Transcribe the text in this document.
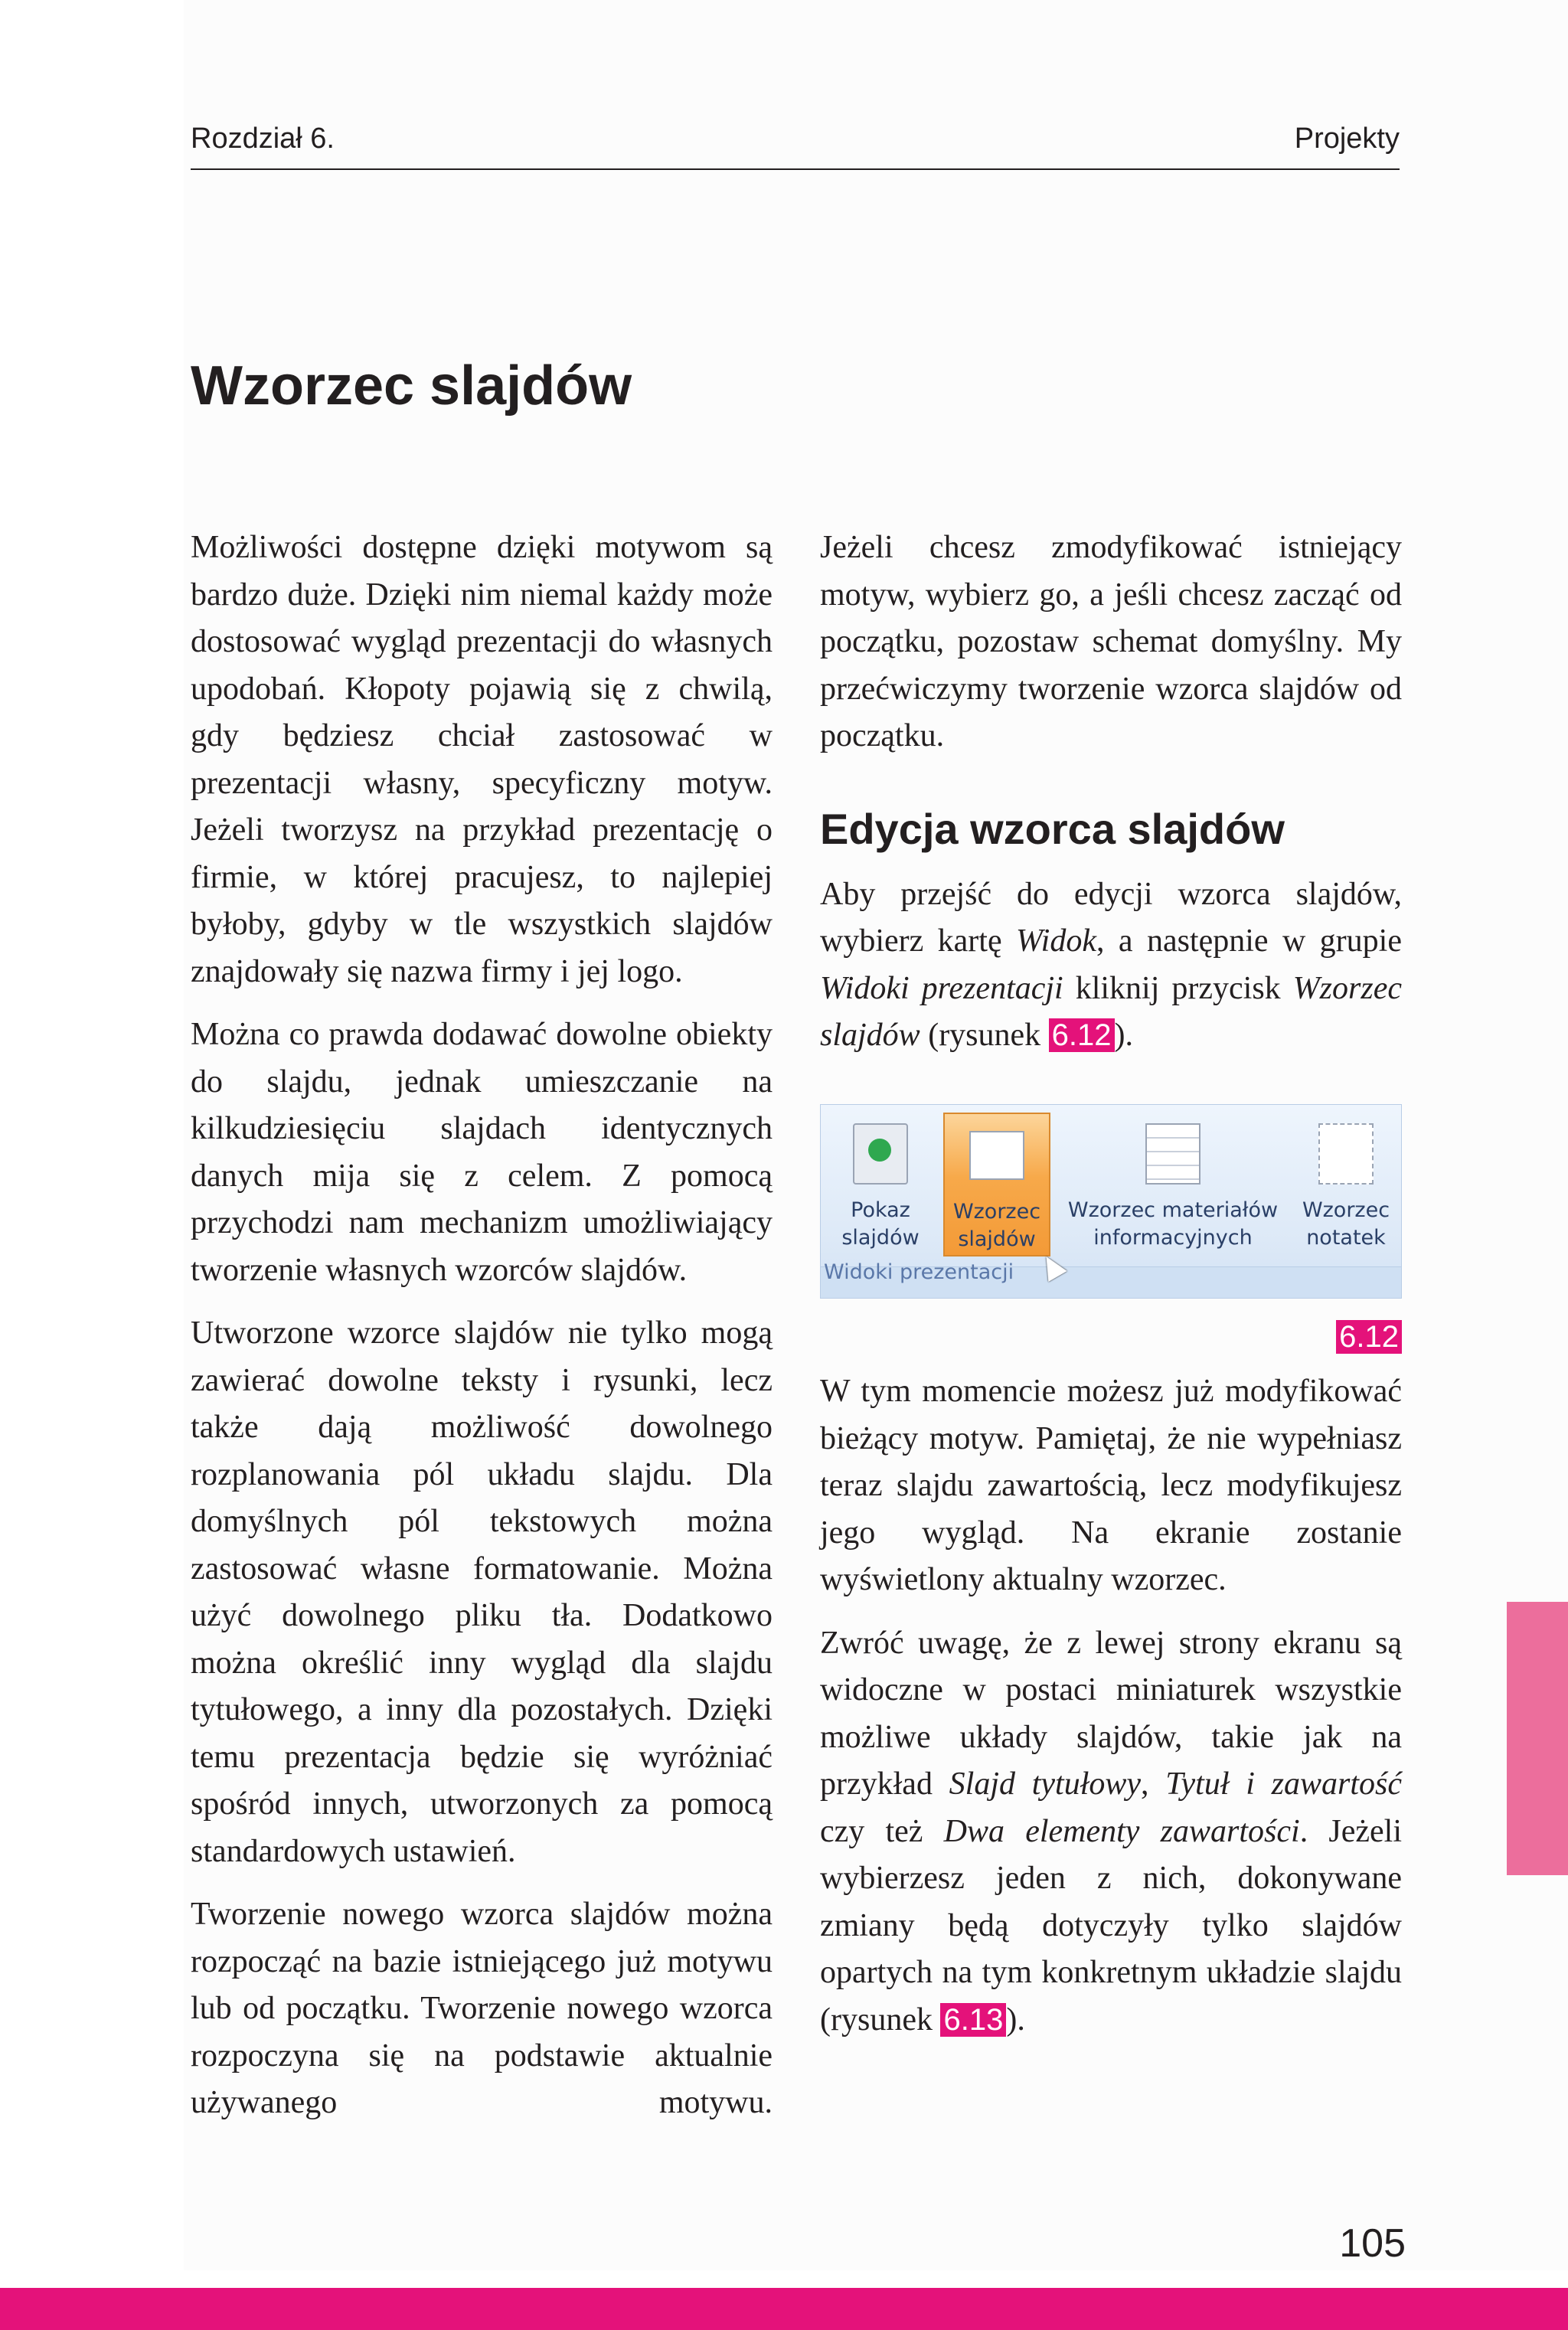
Rozdział 6.	Projekty
Wzorzec slajdów

Możliwości dostępne dzięki motywom są bardzo duże. Dzięki nim niemal każdy może dostosować wygląd prezentacji do własnych upodobań. Kłopoty pojawią się z chwilą, gdy będziesz chciał zastosować w prezentacji własny, specyficzny motyw. Jeżeli tworzysz na przykład prezentację o firmie, w której pracujesz, to najlepiej byłoby, gdyby w tle wszystkich slajdów znajdowały się nazwa firmy i jej logo.

Można co prawda dodawać dowolne obiekty do slajdu, jednak umieszczanie na kilkudziesięciu slajdach identycznych danych mija się z celem. Z pomocą przychodzi nam mechanizm umożliwiający tworzenie własnych wzorców slajdów.

Utworzone wzorce slajdów nie tylko mogą zawierać dowolne teksty i rysunki, lecz także dają możliwość dowolnego rozplanowania pól układu slajdu. Dla domyślnych pól tekstowych można zastosować własne formatowanie. Można użyć dowolnego pliku tła. Dodatkowo można określić inny wygląd dla slajdu tytułowego, a inny dla pozostałych. Dzięki temu prezentacja będzie się wyróżniać spośród innych, utworzonych za pomocą standardowych ustawień.

Tworzenie nowego wzorca slajdów można rozpocząć na bazie istniejącego już motywu lub od początku. Tworzenie nowego wzorca rozpoczyna się na podstawie aktualnie używanego motywu.

Jeżeli chcesz zmodyfikować istniejący motyw, wybierz go, a jeśli chcesz zacząć od początku, pozostaw schemat domyślny. My przećwiczymy tworzenie wzorca slajdów od początku.

Edycja wzorca slajdów

Aby przejść do edycji wzorca slajdów, wybierz kartę Widok, a następnie w grupie Widoki prezentacji kliknij przycisk Wzorzec slajdów (rysunek 6.12).

Pokaz
slajdów
Wzorzec
slajdów
Wzorzec materiałów
informacyjnych
Wzorzec
notatek
Widoki prezentacji
6.12

W tym momencie możesz już modyfikować bieżący motyw. Pamiętaj, że nie wypełniasz teraz slajdu zawartością, lecz modyfikujesz jego wygląd. Na ekranie zostanie wyświetlony aktualny wzorzec.

Zwróć uwagę, że z lewej strony ekranu są widoczne w postaci miniaturek wszystkie możliwe układy slajdów, takie jak na przykład Slajd tytułowy, Tytuł i zawartość czy też Dwa elementy zawartości. Jeżeli wybierzesz jeden z nich, dokonywane zmiany będą dotyczyły tylko slajdów opartych na tym konkretnym układzie slajdu (rysunek 6.13).

105
